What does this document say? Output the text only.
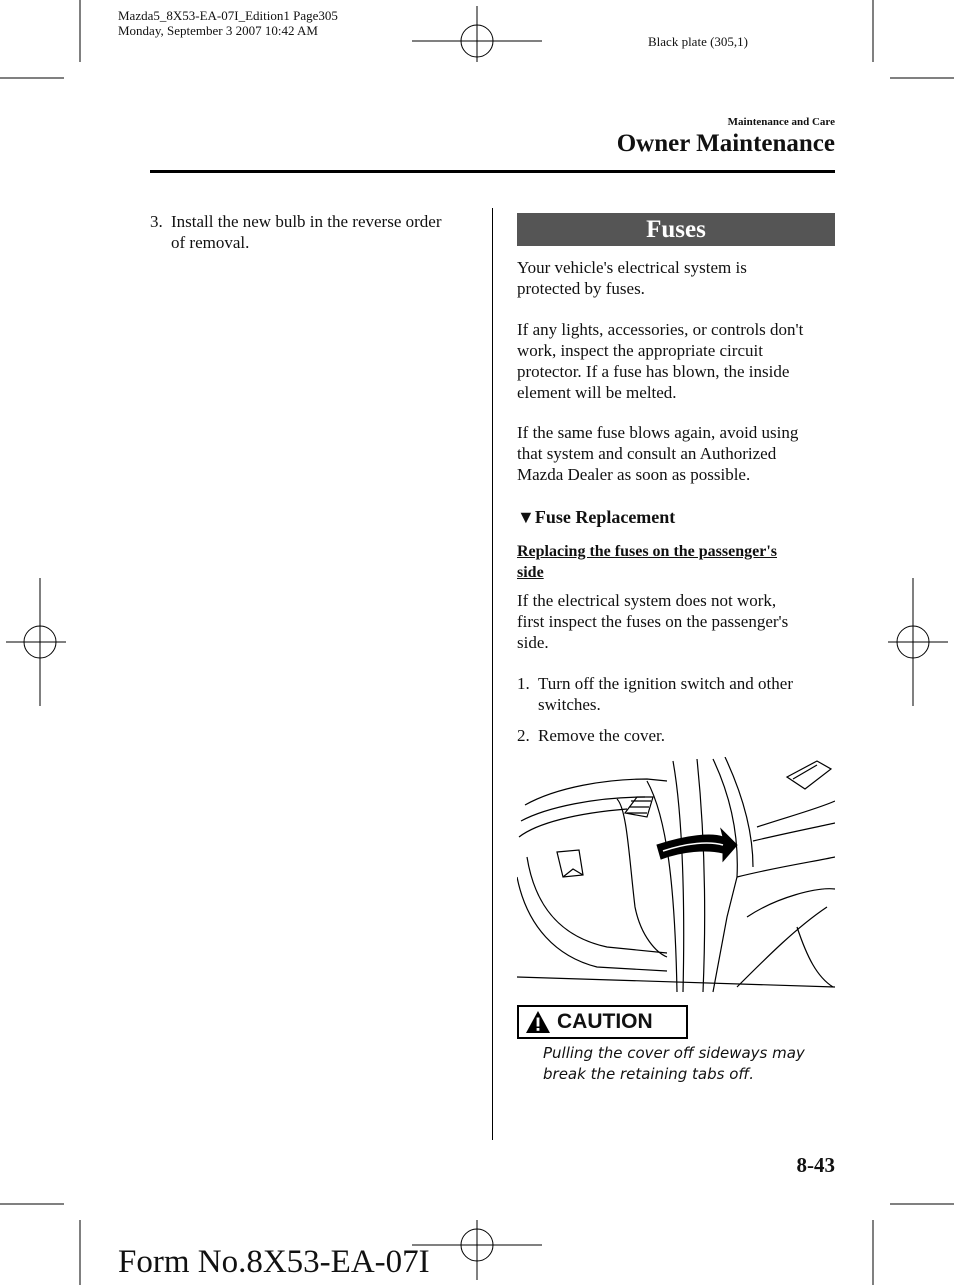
Mazda5_8X53-EA-07I_Edition1 Page305
Monday, September 3 2007 10:42 AM
Black plate (305,1)
Maintenance and Care
Owner Maintenance
3. Install the new bulb in the reverse order
of removal.	Fuses
Your vehicle's electrical system is
protected by fuses.
If any lights, accessories, or controls don't
work, inspect the appropriate circuit
protector. If a fuse has blown, the inside
element will be melted.
If the same fuse blows again, avoid using
that system and consult an Authorized
Mazda Dealer as soon as possible.
▼Fuse Replacement
Replacing the fuses on the passenger's
side
If the electrical system does not work,
first inspect the fuses on the passenger's
side.
1. Turn off the ignition switch and other
switches.
2. Remove the cover.
CAUTION
Pulling the cover off sideways may
break the retaining tabs off.
8-43
Form No.8X53-EA-07I
